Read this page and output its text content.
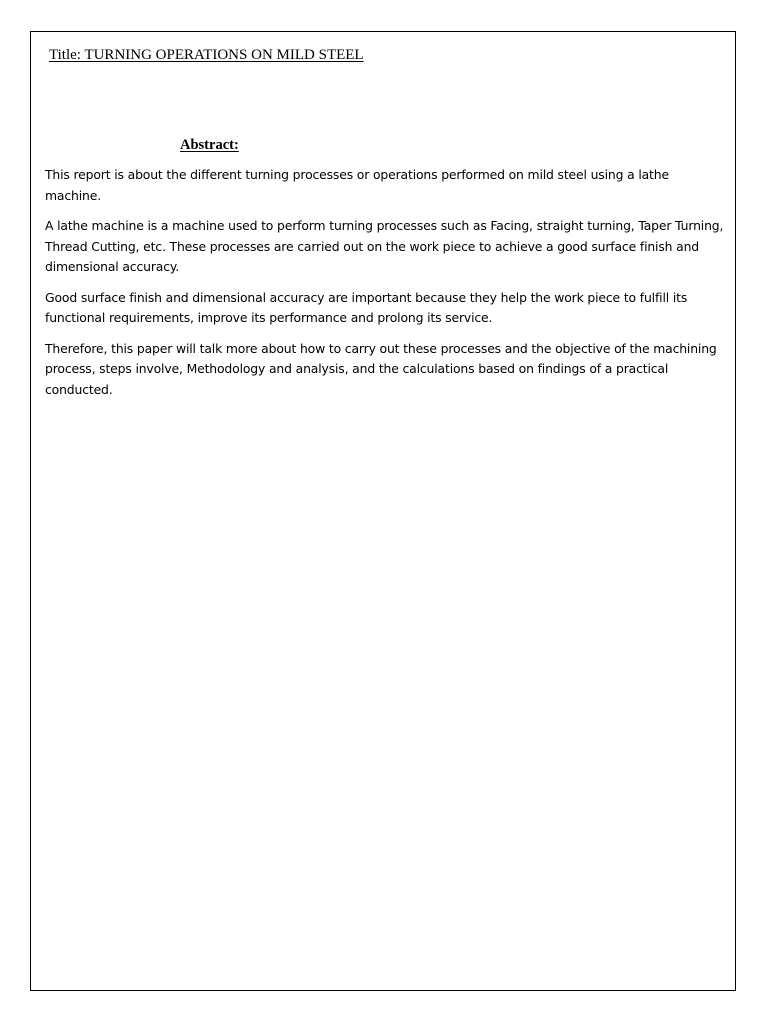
Title: TURNING OPERATIONS ON MILD STEEL
Abstract:

This report is about the different turning processes or operations performed on mild steel using a lathe machine.

A lathe machine is a machine used to perform turning processes such as Facing, straight turning, Taper Turning, Thread Cutting, etc. These processes are carried out on the work piece to achieve a good surface finish and dimensional accuracy.

Good surface finish and dimensional accuracy are important because they help the work piece to fulfill its functional requirements, improve its performance and prolong its service.

Therefore, this paper will talk more about how to carry out these processes and the objective of the machining process, steps involve, Methodology and analysis, and the calculations based on findings of a practical conducted.
